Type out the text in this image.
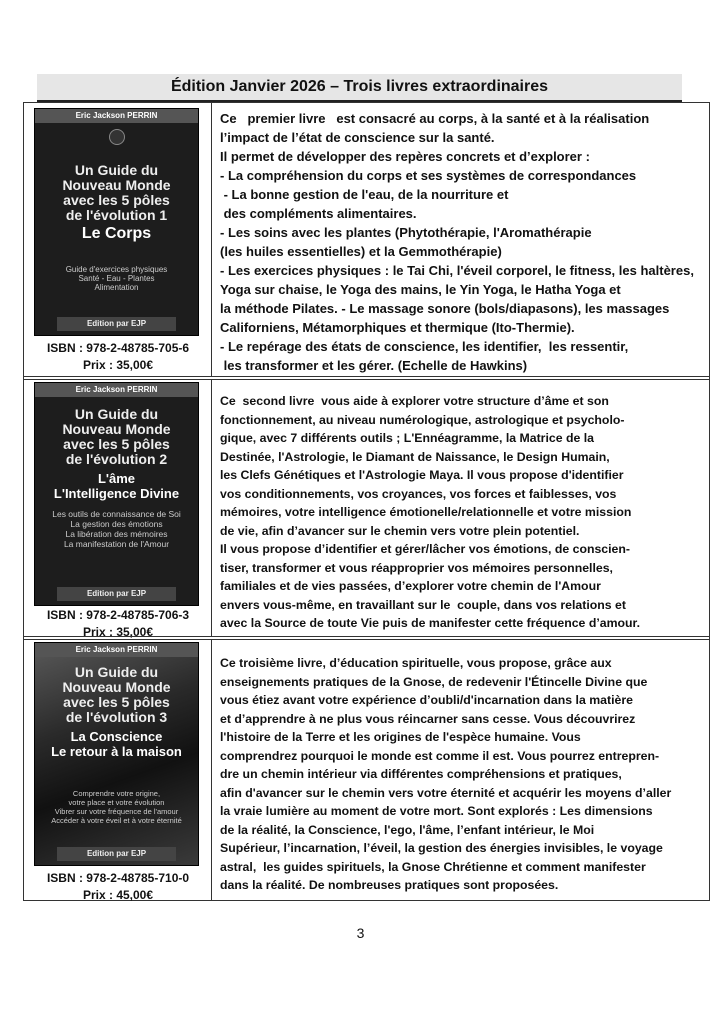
Édition Janvier 2026 – Trois livres extraordinaires
Eric Jackson PERRIN
Un Guide du
Nouveau Monde
avec les 5 pôles
de l'évolution 1
Le Corps
Guide d'exercices physiques
Santé - Eau - Plantes
Alimentation
Edition par EJP
ISBN : 978-2-48785-705-6
Prix : 35,00€

Ce   premier livre   est consacré au corps, à la santé et à la réalisation

l’impact de l’état de conscience sur la santé.

Il permet de développer des repères concrets et d’explorer :

- La compréhension du corps et ses systèmes de correspondances

- La bonne gestion de l'eau, de la nourriture et

des compléments alimentaires.

- Les soins avec les plantes (Phytothérapie, l'Aromathérapie

(les huiles essentielles) et la Gemmothérapie)

- Les exercices physiques : le Tai Chi, l'éveil corporel, le fitness, les haltères,

Yoga sur chaise, le Yoga des mains, le Yin Yoga, le Hatha Yoga et

la méthode Pilates. - Le massage sonore (bols/diapasons), les massages

Californiens, Métamorphiques et thermique (Ito-Thermie).

- Le repérage des états de conscience, les identifier,  les ressentir,

les transformer et les gérer. (Echelle de Hawkins)

Eric Jackson PERRIN
Un Guide du
Nouveau Monde
avec les 5 pôles
de l'évolution 2
L'âme
L'Intelligence Divine
Les outils de connaissance de Soi
La gestion des émotions
La libération des mémoires
La manifestation de l'Amour
Edition par EJP
ISBN : 978-2-48785-706-3
Prix : 35,00€

Ce  second livre  vous aide à explorer votre structure d’âme et son

fonctionnement, au niveau numérologique, astrologique et psycholo-

gique, avec 7 différents outils ; L'Ennéagramme, la Matrice de la

Destinée, l'Astrologie, le Diamant de Naissance, le Design Humain,

les Clefs Génétiques et l'Astrologie Maya. Il vous propose d'identifier

vos conditionnements, vos croyances, vos forces et faiblesses, vos

mémoires, votre intelligence émotionelle/relationnelle et votre mission

de vie, afin d’avancer sur le chemin vers votre plein potentiel.

Il vous propose d’identifier et gérer/lâcher vos émotions, de conscien-

tiser, transformer et vous réapproprier vos mémoires personnelles,

familiales et de vies passées, d’explorer votre chemin de l'Amour

envers vous-même, en travaillant sur le  couple, dans vos relations et

avec la Source de toute Vie puis de manifester cette fréquence d’amour.

Eric Jackson PERRIN
Un Guide du
Nouveau Monde
avec les 5 pôles
de l'évolution 3
La Conscience
Le retour à la maison
Comprendre votre origine,
votre place et votre évolution
Vibrer sur votre fréquence de l'amour
Accéder à votre éveil et à votre éternité
Edition par EJP
ISBN : 978-2-48785-710-0
Prix : 45,00€

Ce troisième livre, d’éducation spirituelle, vous propose, grâce aux

enseignements pratiques de la Gnose, de redevenir l'Étincelle Divine que

vous étiez avant votre expérience d’oubli/d'incarnation dans la matière

et d’apprendre à ne plus vous réincarner sans cesse. Vous découvrirez

l'histoire de la Terre et les origines de l'espèce humaine. Vous

comprendrez pourquoi le monde est comme il est. Vous pourrez entrepren-

dre un chemin intérieur via différentes compréhensions et pratiques,

afin d'avancer sur le chemin vers votre éternité et acquérir les moyens d’aller

la vraie lumière au moment de votre mort. Sont explorés : Les dimensions

de la réalité, la Conscience, l'ego, l'âme, l’enfant intérieur, le Moi

Supérieur, l’incarnation, l’éveil, la gestion des énergies invisibles, le voyage

astral,  les guides spirituels, la Gnose Chrétienne et comment manifester

dans la réalité. De nombreuses pratiques sont proposées.

3
